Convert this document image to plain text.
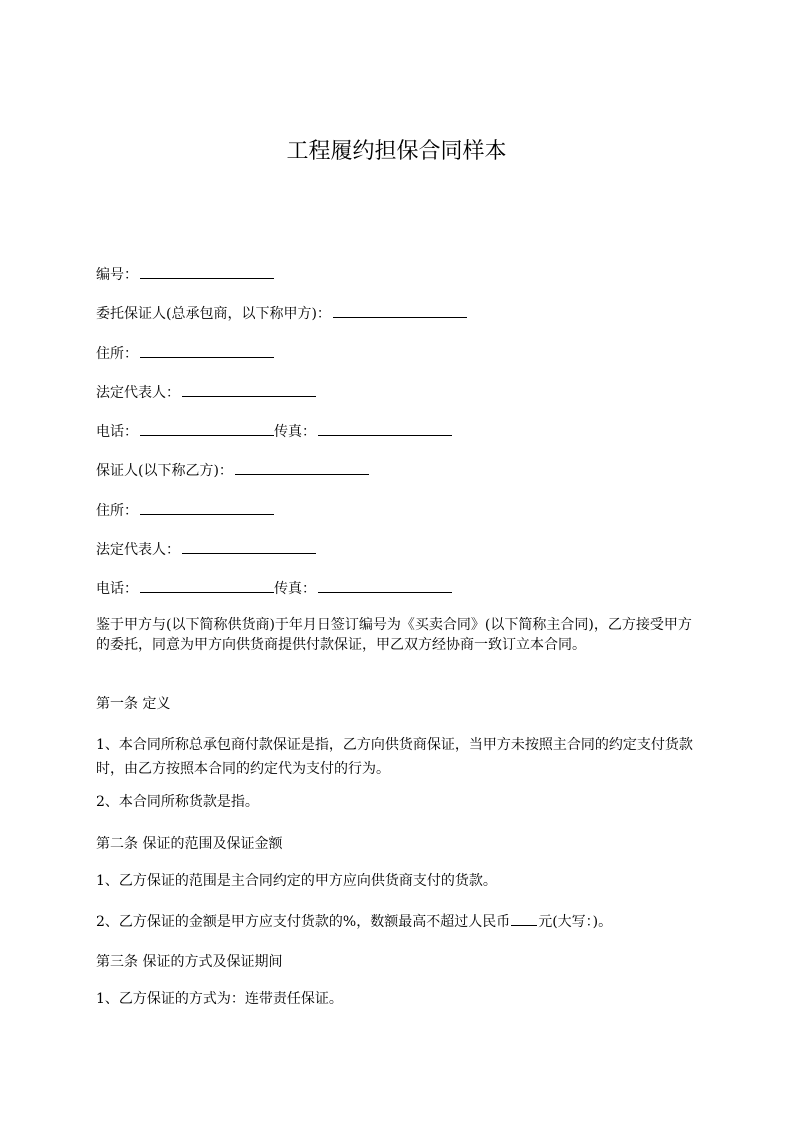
工程履约担保合同样本
编号：
委托保证人(总承包商，以下称甲方)：
住所：
法定代表人：
电话：	传真：
保证人(以下称乙方)：
住所：
法定代表人：
电话：	传真：
鉴于甲方与(以下简称供货商)于年月日签订编号为《买卖合同》(以下简称主合同)，乙方接受甲方的委托，同意为甲方向供货商提供付款保证，甲乙双方经协商一致订立本合同。
第一条 定义
1、本合同所称总承包商付款保证是指，乙方向供货商保证，当甲方未按照主合同的约定支付货款时，由乙方按照本合同的约定代为支付的行为。
2、本合同所称货款是指。
第二条 保证的范围及保证金额
1、乙方保证的范围是主合同约定的甲方应向供货商支付的货款。
2、乙方保证的金额是甲方应支付货款的%，数额最高不超过人民币 元(大写：)。
第三条 保证的方式及保证期间
1、乙方保证的方式为：连带责任保证。
